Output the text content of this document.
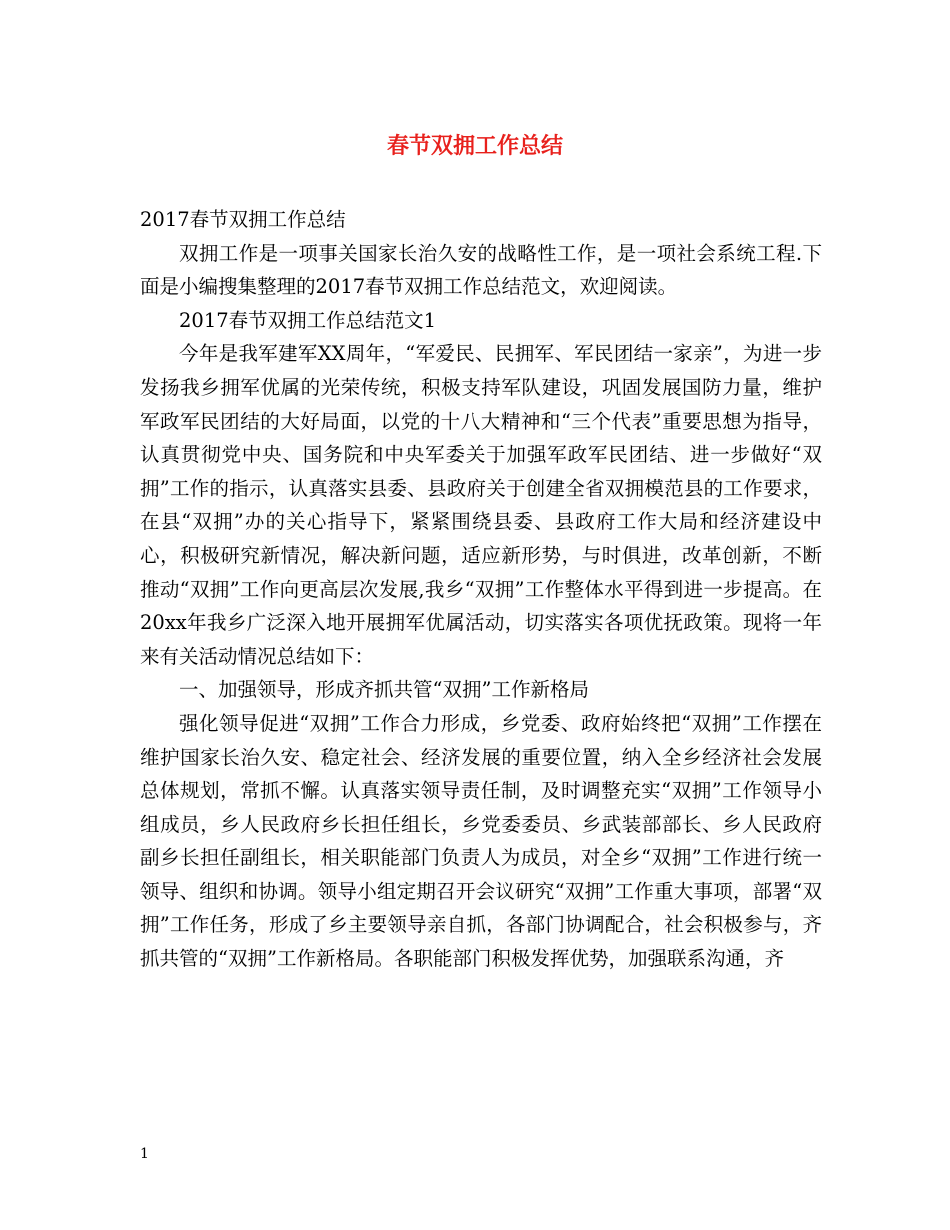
春节双拥工作总结

2017春节双拥工作总结

双拥工作是一项事关国家长治久安的战略性工作，是一项社会系统工程.下面是小编搜集整理的2017春节双拥工作总结范文，欢迎阅读。

2017春节双拥工作总结范文1

今年是我军建军XX周年，“军爱民、民拥军、军民团结一家亲”，为进一步发扬我乡拥军优属的光荣传统，积极支持军队建设，巩固发展国防力量，维护军政军民团结的大好局面，以党的十八大精神和“三个代表”重要思想为指导，认真贯彻党中央、国务院和中央军委关于加强军政军民团结、进一步做好“双拥”工作的指示，认真落实县委、县政府关于创建全省双拥模范县的工作要求，在县“双拥”办的关心指导下，紧紧围绕县委、县政府工作大局和经济建设中心，积极研究新情况，解决新问题，适应新形势，与时俱进，改革创新，不断推动“双拥”工作向更高层次发展,我乡“双拥”工作整体水平得到进一步提高。在20xx年我乡广泛深入地开展拥军优属活动，切实落实各项优抚政策。现将一年来有关活动情况总结如下：

一、加强领导，形成齐抓共管“双拥”工作新格局

强化领导促进“双拥”工作合力形成，乡党委、政府始终把“双拥”工作摆在维护国家长治久安、稳定社会、经济发展的重要位置，纳入全乡经济社会发展总体规划，常抓不懈。认真落实领导责任制，及时调整充实“双拥”工作领导小组成员，乡人民政府乡长担任组长，乡党委委员、乡武装部部长、乡人民政府副乡长担任副组长，相关职能部门负责人为成员，对全乡“双拥”工作进行统一领导、组织和协调。领导小组定期召开会议研究“双拥”工作重大事项，部署“双拥”工作任务，形成了乡主要领导亲自抓，各部门协调配合，社会积极参与，齐抓共管的“双拥”工作新格局。各职能部门积极发挥优势，加强联系沟通，齐

1
